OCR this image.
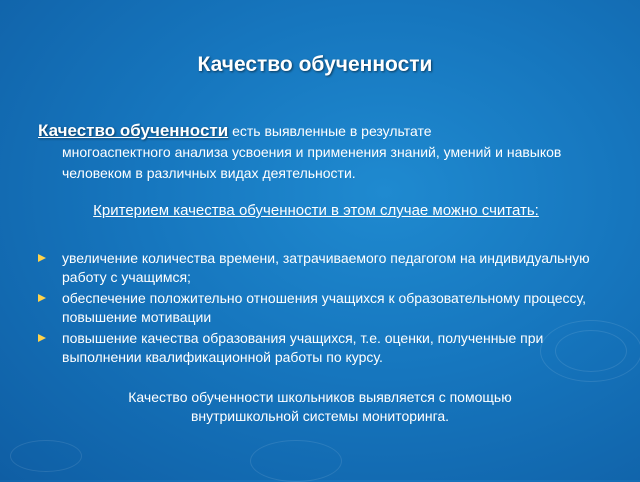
Качество обученности
Качество обученности есть выявленные в результате
многоаспектного анализа усвоения и применения знаний, умений и навыков человеком в различных видах деятельности.
Критерием качества обученности в этом случае можно считать:
увеличение количества времени, затрачиваемого педагогом на индивидуальную работу с учащимся;
обеспечение положительно отношения учащихся к образовательному процессу, повышение мотивации
повышение качества образования учащихся, т.е. оценки, полученные при выполнении квалификационной работы по курсу.
Качество обученности школьников выявляется с помощью внутришкольной системы мониторинга.
